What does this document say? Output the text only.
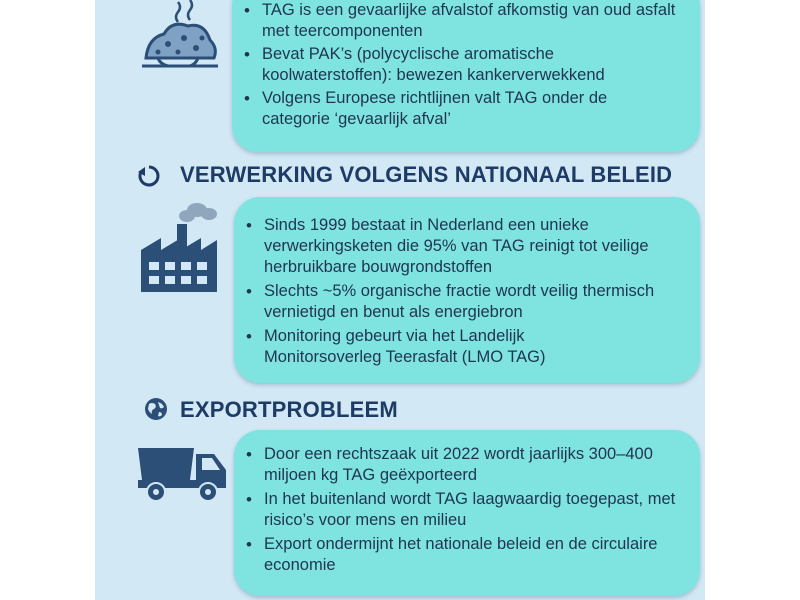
• TAG is een gevaarlijke afvalstof afkomstig van oud asfalt met teercomponenten
• Bevat PAK’s (polycyclische aromatische koolwaterstoffen): bewezen kankerverwekkend
• Volgens Europese richtlijnen valt TAG onder de categorie ‘gevaarlijk afval’
VERWERKING VOLGENS NATIONAAL BELEID
• Sinds 1999 bestaat in Nederland een unieke verwerkingsketen die 95% van TAG reinigt tot veilige herbruikbare bouwgrondstoffen
• Slechts ~5% organische fractie wordt veilig thermisch vernietigd en benut als energiebron
• Monitoring gebeurt via het Landelijk Monitorsoverleg Teerasfalt (LMO TAG)
EXPORTPROBLEEM
• Door een rechtszaak uit 2022 wordt jaarlijks 300–400 miljoen kg TAG geëxporteerd
• In het buitenland wordt TAG laagwaardig toegepast, met risico’s voor mens en milieu
• Export ondermijnt het nationale beleid en de circulaire economie
